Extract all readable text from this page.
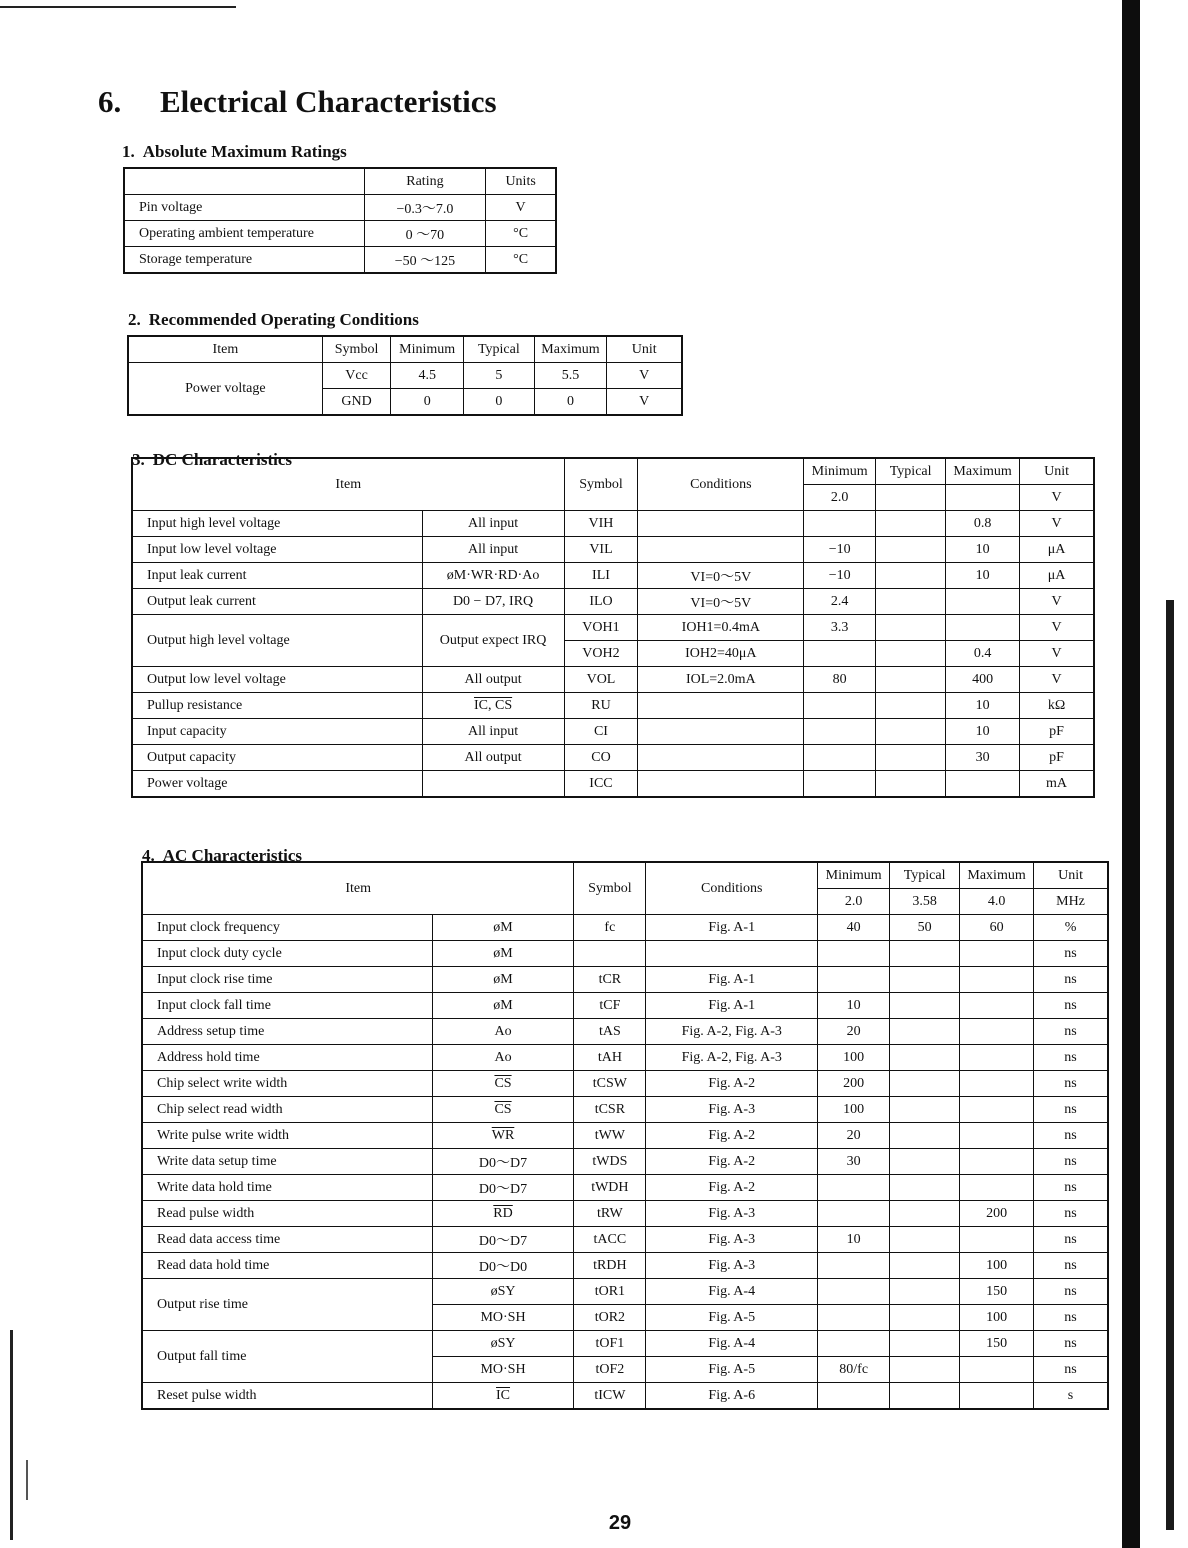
6. Electrical Characteristics
1. Absolute Maximum Ratings
	Rating	Units
Pin voltage	−0.3～7.0	V
Operating ambient temperature	0 ～70	°C
Storage temperature	−50 ～125	°C
2. Recommended Operating Conditions
Item	Symbol	Minimum	Typical	Maximum	Unit
Power voltage	Vcc	4.5	5	5.5	V
	GND	0	0	0	V
3. DC Characteristics
Item		Symbol	Conditions	Minimum	Typical	Maximum	Unit
				2.0			V
Input high level voltage	All input	VIH				0.8	V
Input low level voltage	All input	VIL		−10		10	μA
Input leak current	øM·WR·RD·Ao	ILI	VI=0～5V	−10		10	μA
Output leak current	D0 − D7, IRQ	ILO	VI=0～5V	2.4			V
Output high level voltage	Output expect IRQ	VOH1	IOH1=0.4mA	3.3			V
		VOH2	IOH2=40μA			0.4	V
Output low level voltage	All output	VOL	IOL=2.0mA	80		400	V
Pullup resistance	IC, CS	RU				10	kΩ
Input capacity	All input	CI				10	pF
Output capacity	All output	CO				30	pF
Power voltage		ICC					mA
4. AC Characteristics
Item		Symbol	Conditions	Minimum	Typical	Maximum	Unit
				2.0	3.58	4.0	MHz
Input clock frequency	øM	fc	Fig. A-1	40	50	60	%
Input clock duty cycle	øM						ns
Input clock rise time	øM	tCR	Fig. A-1				ns
Input clock fall time	øM	tCF	Fig. A-1	10			ns
Address setup time	Ao	tAS	Fig. A-2, Fig. A-3	20			ns
Address hold time	Ao	tAH	Fig. A-2, Fig. A-3	100			ns
Chip select write width	$\overline{CS}$	tCSW	Fig. A-2	200			ns
Chip select read width	$\overline{CS}$	tCSR	Fig. A-3	100			ns
Write pulse write width	$\overline{WR}$	tWW	Fig. A-2	20			ns
Write data setup time	D0～D7	tWDS	Fig. A-2	30			ns
Write data hold time	D0～D7	tWDH	Fig. A-2				ns
Read pulse width	$\overline{RD}$	tRW	Fig. A-3			200	ns
Read data access time	D0～D7	tACC	Fig. A-3	10			ns
Read data hold time	D0～D0	tRDH	Fig. A-3			100	ns
Output rise time	øSY	tOR1	Fig. A-4			150	ns
	MO·SH	tOR2	Fig. A-5			100	ns
Output fall time	øSY	tOF1	Fig. A-4			150	ns
	MO·SH	tOF2	Fig. A-5	80/fc			ns
Reset pulse width	$\overline{IC}$	tICW	Fig. A-6				s
29
